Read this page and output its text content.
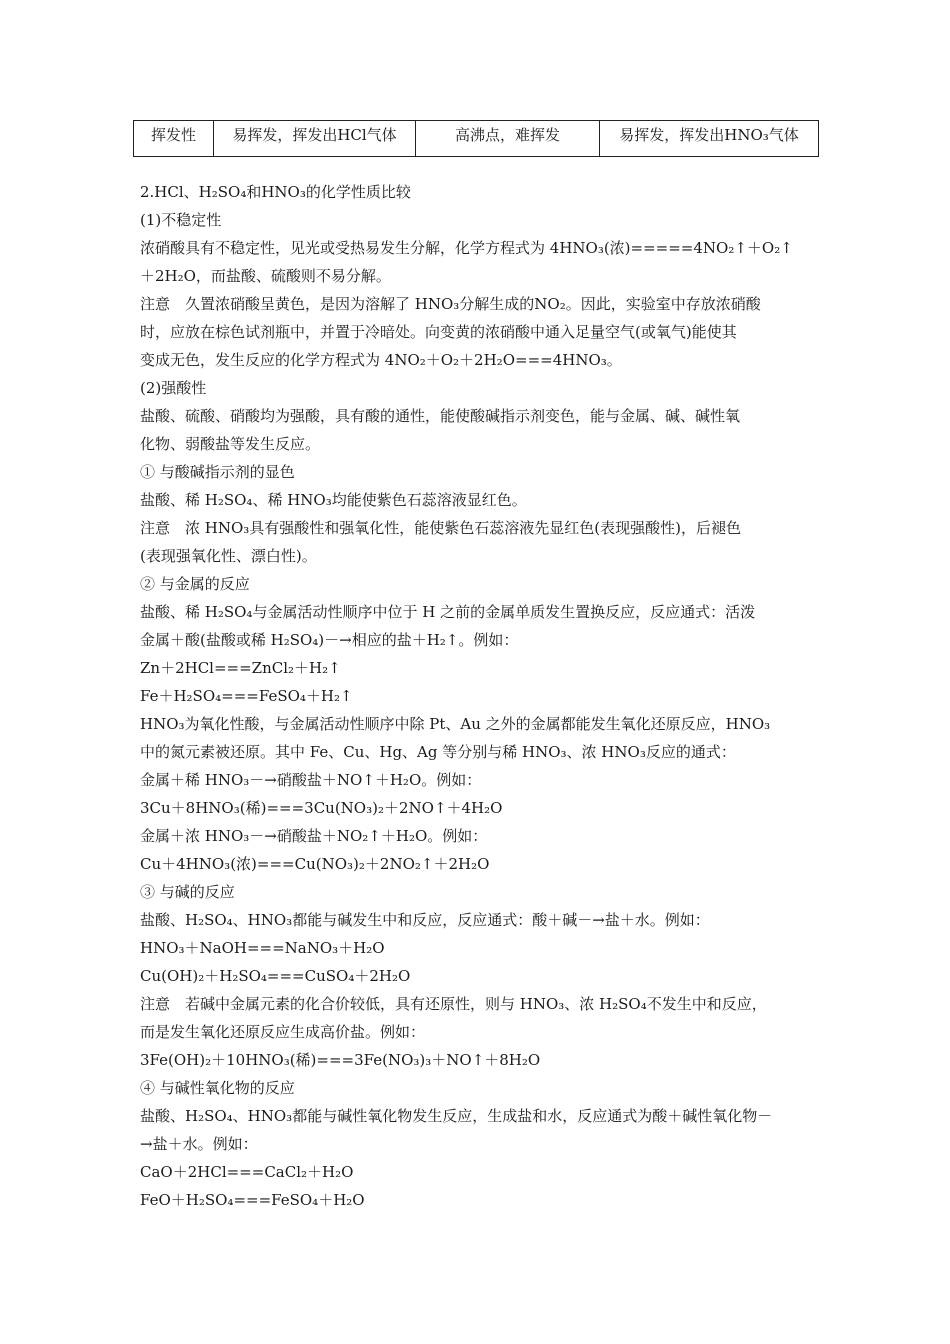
挥发性	易挥发，挥发出HCl气体	高沸点，难挥发	易挥发，挥发出HNO₃气体
2.HCl、H₂SO₄和HNO₃的化学性质比较
(1)不稳定性
浓硝酸具有不稳定性，见光或受热易发生分解，化学方程式为 4HNO₃(浓)=====4NO₂↑＋O₂↑
＋2H₂O，而盐酸、硫酸则不易分解。
注意　久置浓硝酸呈黄色，是因为溶解了 HNO₃分解生成的NO₂。因此，实验室中存放浓硝酸
时，应放在棕色试剂瓶中，并置于冷暗处。向变黄的浓硝酸中通入足量空气(或氧气)能使其
变成无色，发生反应的化学方程式为 4NO₂＋O₂＋2H₂O===4HNO₃。
(2)强酸性
盐酸、硫酸、硝酸均为强酸，具有酸的通性，能使酸碱指示剂变色，能与金属、碱、碱性氧
化物、弱酸盐等发生反应。
① 与酸碱指示剂的显色
盐酸、稀 H₂SO₄、稀 HNO₃均能使紫色石蕊溶液显红色。
注意　浓 HNO₃具有强酸性和强氧化性，能使紫色石蕊溶液先显红色(表现强酸性)，后褪色
(表现强氧化性、漂白性)。
② 与金属的反应
盐酸、稀 H₂SO₄与金属活动性顺序中位于 H 之前的金属单质发生置换反应，反应通式：活泼
金属＋酸(盐酸或稀 H₂SO₄)－→相应的盐＋H₂↑。例如：
Zn＋2HCl===ZnCl₂＋H₂↑
Fe＋H₂SO₄===FeSO₄＋H₂↑
HNO₃为氧化性酸，与金属活动性顺序中除 Pt、Au 之外的金属都能发生氧化还原反应，HNO₃
中的氮元素被还原。其中 Fe、Cu、Hg、Ag 等分别与稀 HNO₃、浓 HNO₃反应的通式：
金属＋稀 HNO₃－→硝酸盐＋NO↑＋H₂O。例如：
3Cu＋8HNO₃(稀)===3Cu(NO₃)₂＋2NO↑＋4H₂O
金属＋浓 HNO₃－→硝酸盐＋NO₂↑＋H₂O。例如：
Cu＋4HNO₃(浓)===Cu(NO₃)₂＋2NO₂↑＋2H₂O
③ 与碱的反应
盐酸、H₂SO₄、HNO₃都能与碱发生中和反应，反应通式：酸＋碱－→盐＋水。例如：
HNO₃＋NaOH===NaNO₃＋H₂O
Cu(OH)₂＋H₂SO₄===CuSO₄＋2H₂O
注意　若碱中金属元素的化合价较低，具有还原性，则与 HNO₃、浓 H₂SO₄不发生中和反应，
而是发生氧化还原反应生成高价盐。例如：
3Fe(OH)₂＋10HNO₃(稀)===3Fe(NO₃)₃＋NO↑＋8H₂O
④ 与碱性氧化物的反应
盐酸、H₂SO₄、HNO₃都能与碱性氧化物发生反应，生成盐和水，反应通式为酸＋碱性氧化物－
→盐＋水。例如：
CaO＋2HCl===CaCl₂＋H₂O
FeO＋H₂SO₄===FeSO₄＋H₂O
